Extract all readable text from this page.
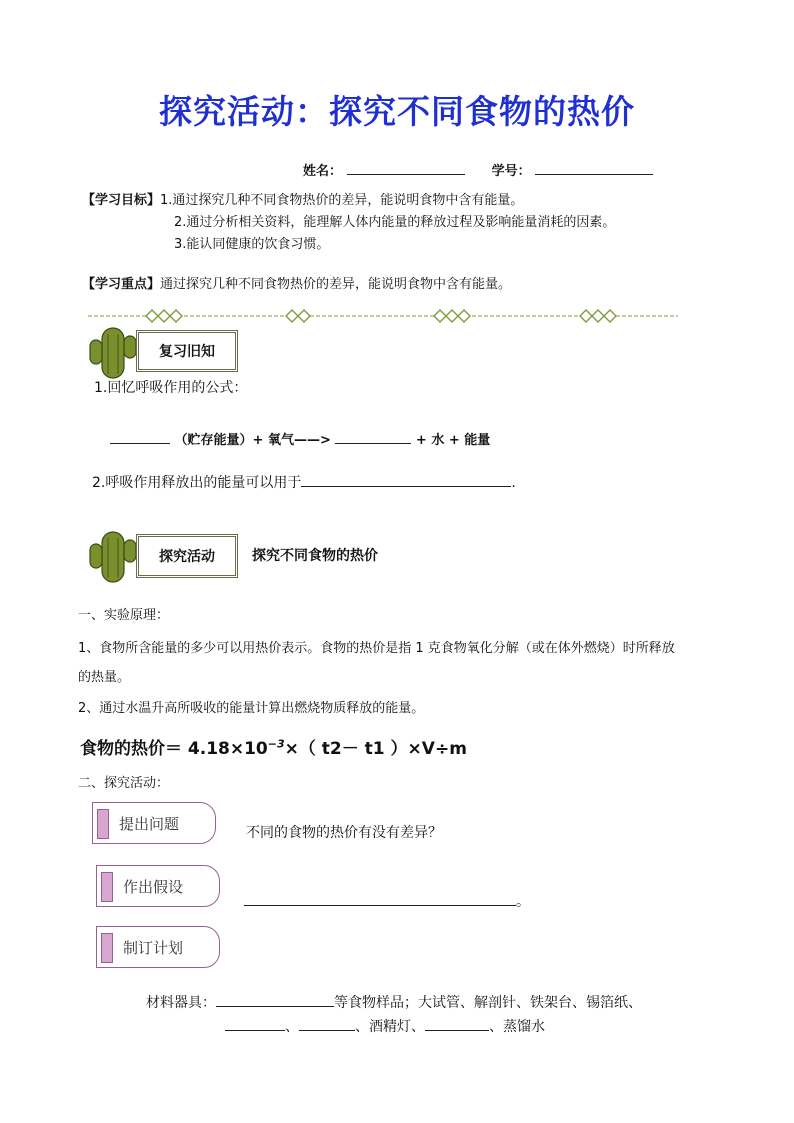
探究活动：探究不同食物的热价
姓名：	学号：
【学习目标】1.通过探究几种不同食物热价的差异，能说明食物中含有能量。
2.通过分析相关资料，能理解人体内能量的释放过程及影响能量消耗的因素。
3.能认同健康的饮食习惯。
【学习重点】通过探究几种不同食物热价的差异，能说明食物中含有能量。
复习旧知
1.回忆呼吸作用的公式：
（贮存能量）+ 氧气——>	+ 水 + 能量
2.呼吸作用释放出的能量可以用于	.
探究活动	探究不同食物的热价
一、实验原理：
1、食物所含能量的多少可以用热价表示。食物的热价是指 1 克食物氧化分解（或在体外燃烧）时所释放
的热量。
2、通过水温升高所吸收的能量计算出燃烧物质释放的能量。
食物的热价＝ $4.18\times 10^{-3}\times$（ t2－ t1 ）×V÷m
二、探究活动：
提出问题	不同的食物的热价有没有差异？
作出假设
。
制订计划
材料器具：	等食物样品；大试管、解剖针、铁架台、锡箔纸、
、	、酒精灯、	、蒸馏水
